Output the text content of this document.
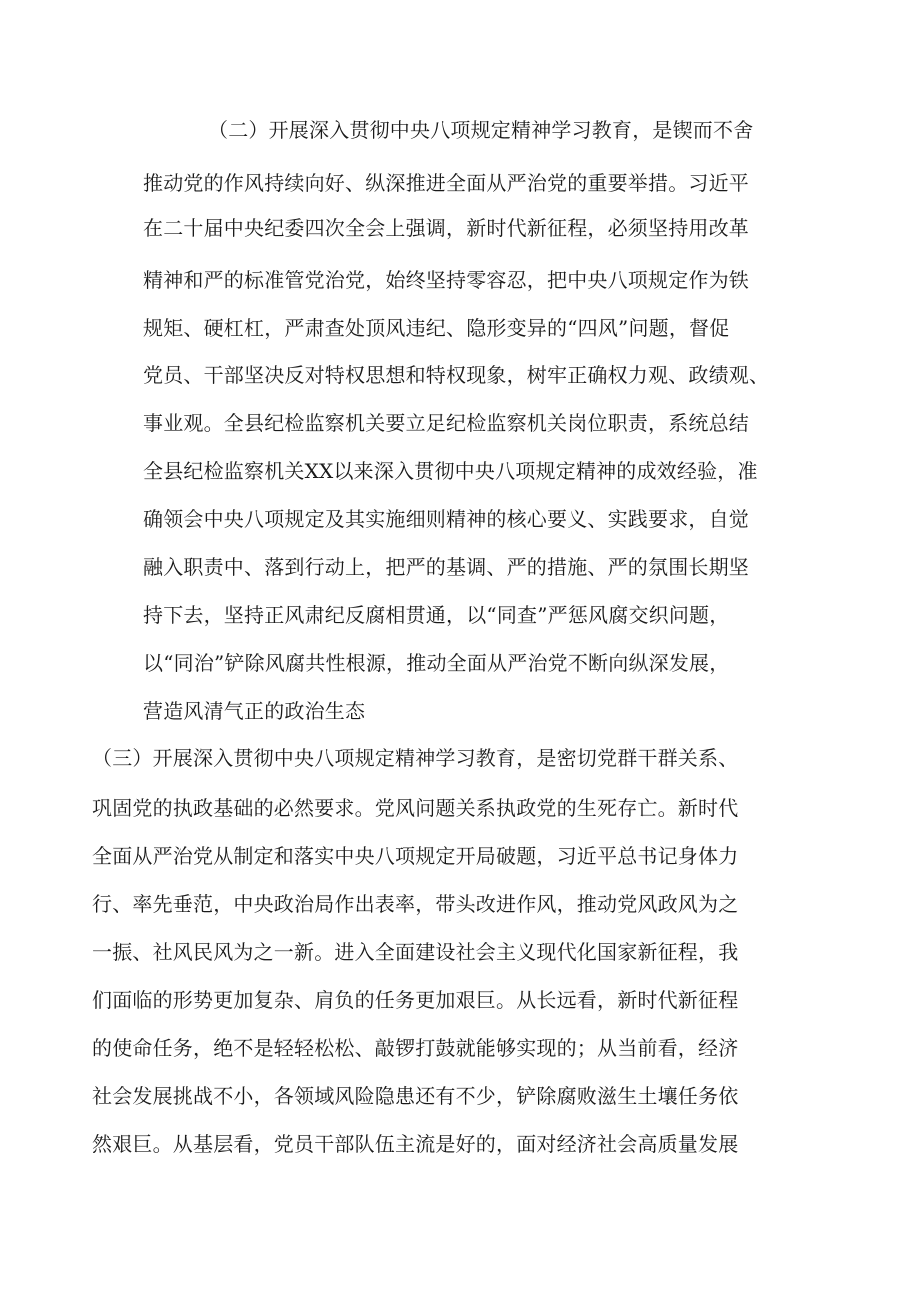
（二）开展深入贯彻中央八项规定精神学习教育，是锲而不舍
推动党的作风持续向好、纵深推进全面从严治党的重要举措。习近平
在二十届中央纪委四次全会上强调，新时代新征程，必须坚持用改革
精神和严的标准管党治党，始终坚持零容忍，把中央八项规定作为铁
规矩、硬杠杠，严肃查处顶风违纪、隐形变异的“四风”问题，督促
党员、干部坚决反对特权思想和特权现象，树牢正确权力观、政绩观、
事业观。全县纪检监察机关要立足纪检监察机关岗位职责，系统总结
全县纪检监察机关XX以来深入贯彻中央八项规定精神的成效经验，准
确领会中央八项规定及其实施细则精神的核心要义、实践要求，自觉
融入职责中、落到行动上，把严的基调、严的措施、严的氛围长期坚
持下去，坚持正风肃纪反腐相贯通，以“同查”严惩风腐交织问题，
以“同治”铲除风腐共性根源，推动全面从严治党不断向纵深发展，
营造风清气正的政治生态
（三）开展深入贯彻中央八项规定精神学习教育，是密切党群干群关系、
巩固党的执政基础的必然要求。党风问题关系执政党的生死存亡。新时代
全面从严治党从制定和落实中央八项规定开局破题，习近平总书记身体力
行、率先垂范，中央政治局作出表率，带头改进作风，推动党风政风为之
一振、社风民风为之一新。进入全面建设社会主义现代化国家新征程，我
们面临的形势更加复杂、肩负的任务更加艰巨。从长远看，新时代新征程
的使命任务，绝不是轻轻松松、敲锣打鼓就能够实现的；从当前看，经济
社会发展挑战不小，各领域风险隐患还有不少，铲除腐败滋生土壤任务依
然艰巨。从基层看，党员干部队伍主流是好的，面对经济社会高质量发展
